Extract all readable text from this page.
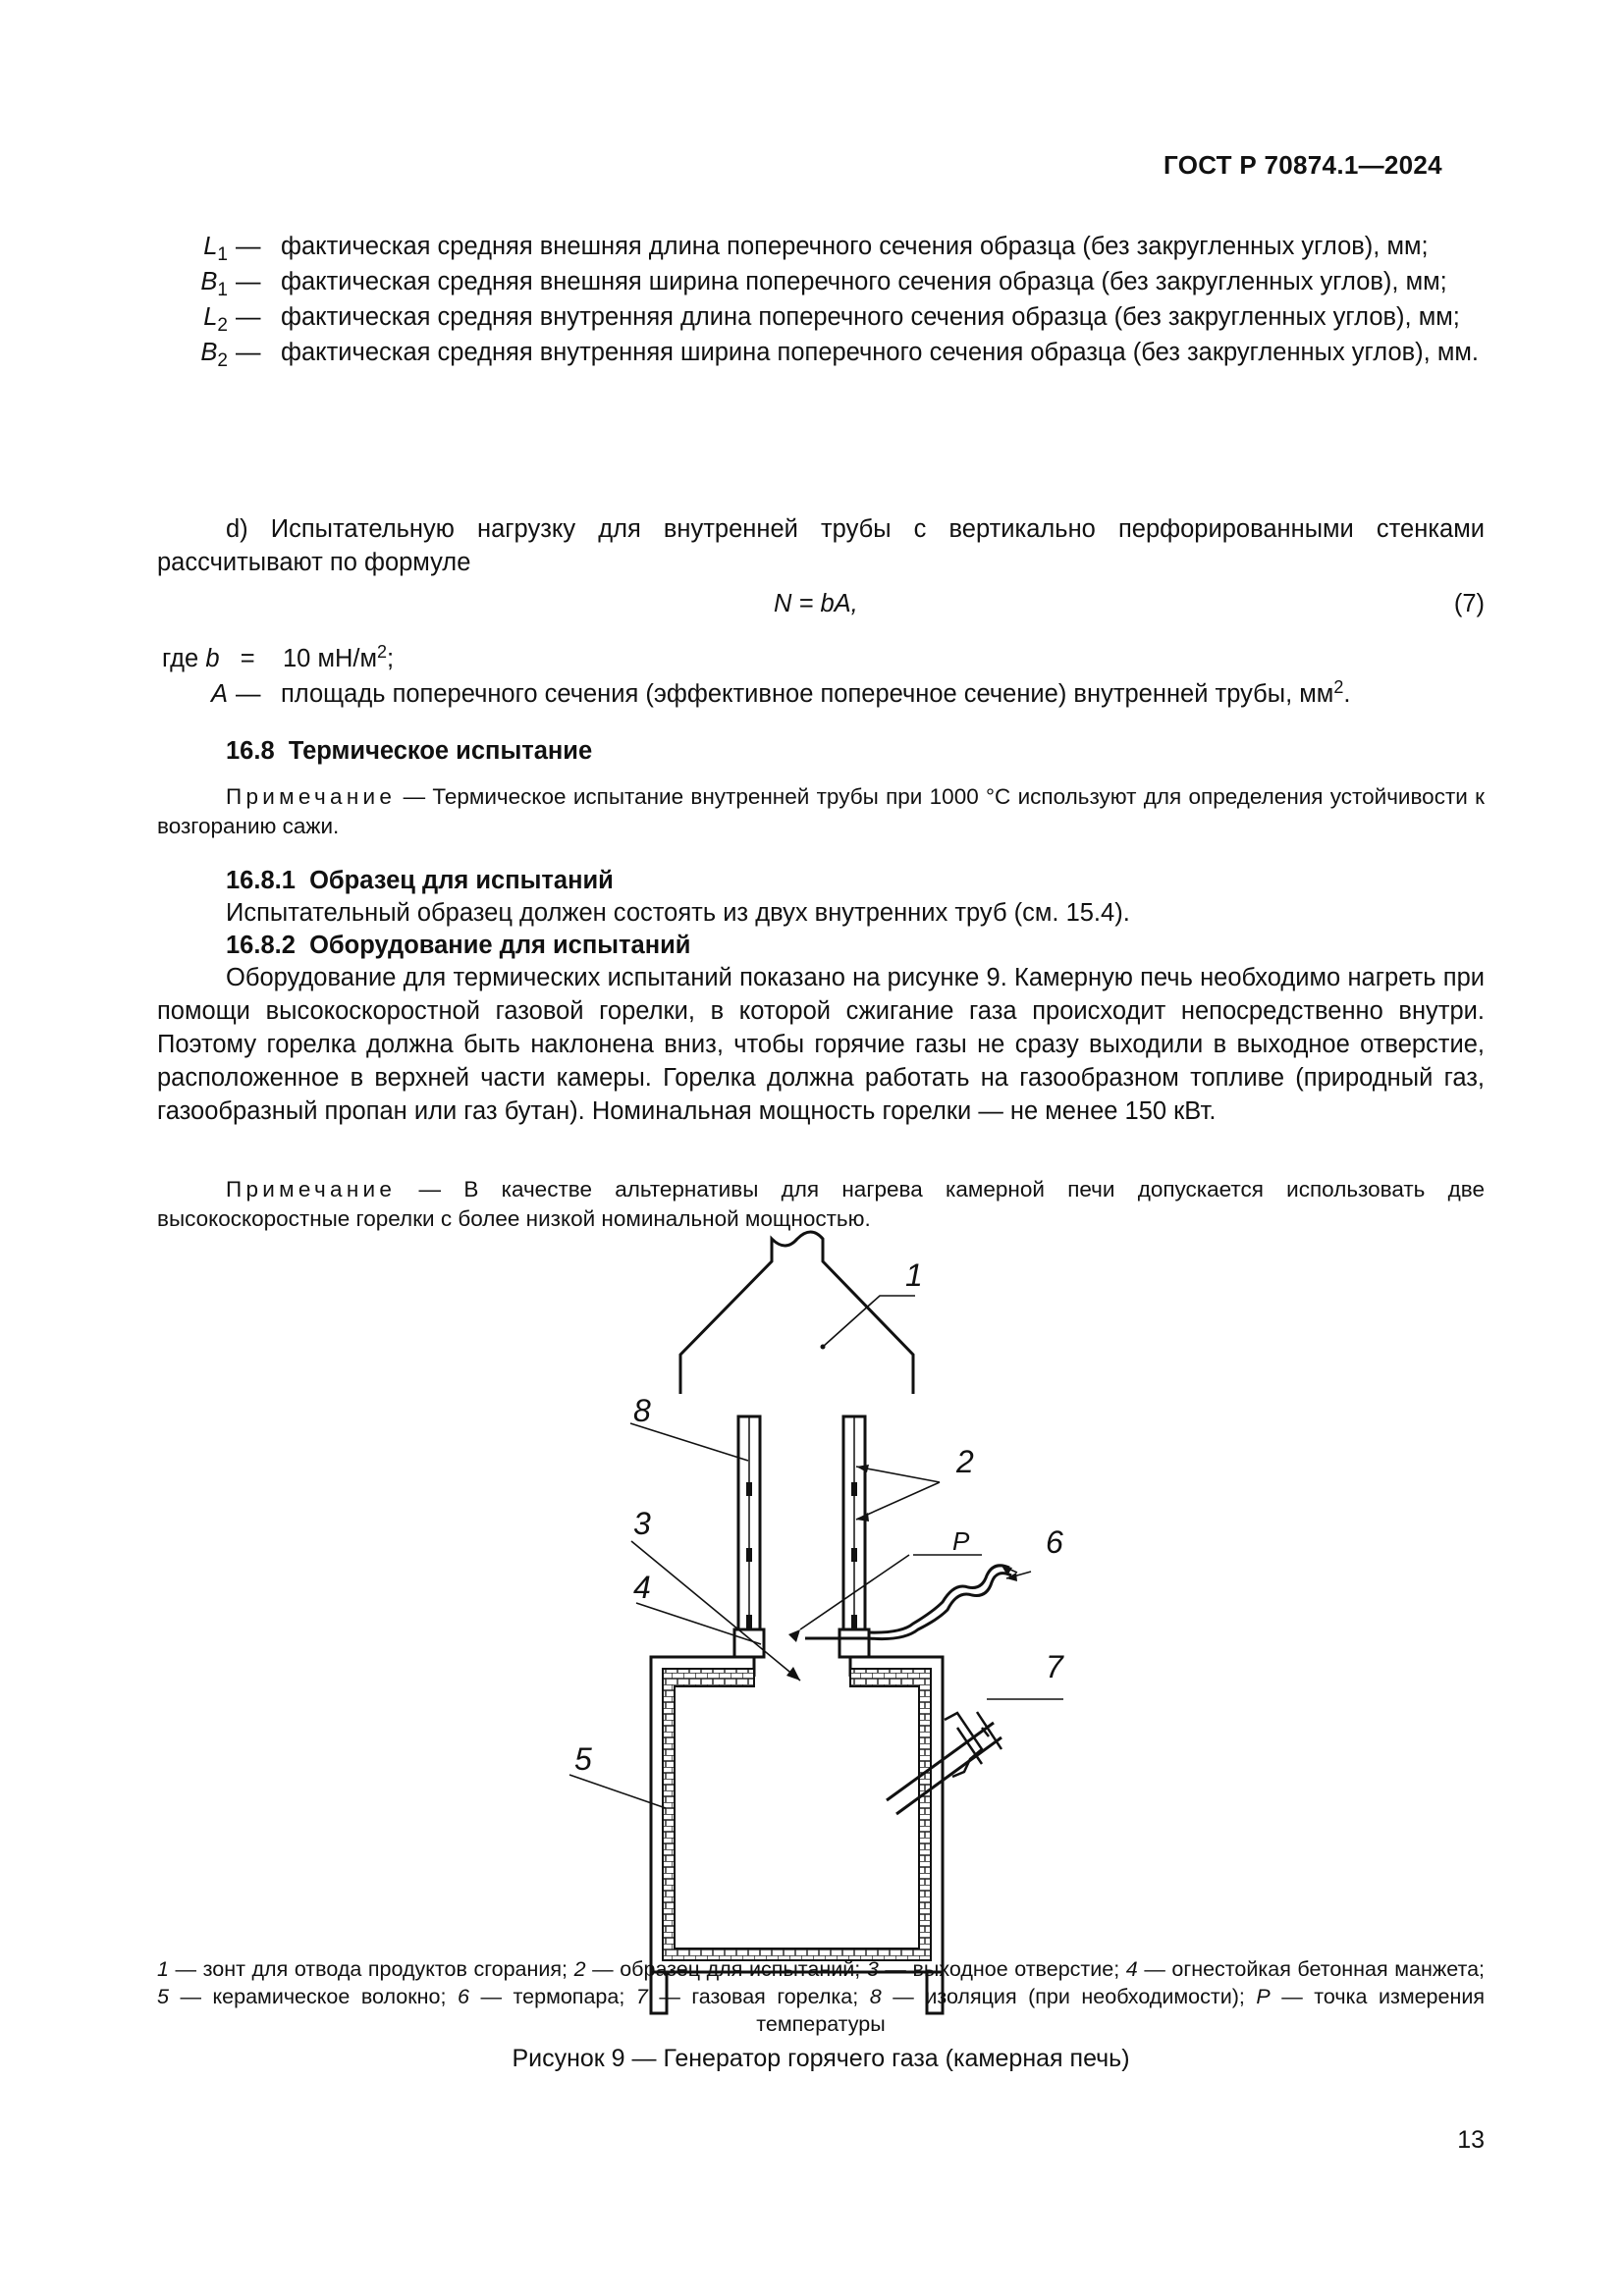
ГОСТ Р 70874.1—2024
$L_1$ — фактическая средняя внешняя длина поперечного сечения образца (без закругленных углов), мм;
$B_1$ — фактическая средняя внешняя ширина поперечного сечения образца (без закругленных углов), мм;
$L_2$ — фактическая средняя внутренняя длина поперечного сечения образца (без закругленных углов), мм;
$B_2$ — фактическая средняя внутренняя ширина поперечного сечения образца (без закругленных углов), мм.
d) Испытательную нагрузку для внутренней трубы с вертикально перфорированными стенками рассчитывают по формуле
N = bA,	(7)
где b = 10 $мН/м^2$;
A — площадь поперечного сечения (эффективное поперечное сечение) внутренней трубы, $мм^2$.
16.8 Термическое испытание
Примечание — Термическое испытание внутренней трубы при 1000 °С используют для определения устойчивости к возгоранию сажи.
16.8.1 Образец для испытаний
Испытательный образец должен состоять из двух внутренних труб (см. 15.4).
16.8.2 Оборудование для испытаний
Оборудование для термических испытаний показано на рисунке 9. Камерную печь необходимо нагреть при помощи высокоскоростной газовой горелки, в которой сжигание газа происходит непосредственно внутри. Поэтому горелка должна быть наклонена вниз, чтобы горячие газы не сразу выходили в выходное отверстие, расположенное в верхней части камеры. Горелка должна работать на газообразном топливе (природный газ, газообразный пропан или газ бутан). Номинальная мощность горелки — не менее 150 кВт.
Примечание — В качестве альтернативы для нагрева камерной печи допускается использовать две высокоскоростные горелки с более низкой номинальной мощностью.
1
2
3
4
5
6
7
8
P
1 — зонт для отвода продуктов сгорания; 2 — образец для испытаний; 3 — выходное отверстие; 4 — огнестойкая бетонная манжета; 5 — керамическое волокно; 6 — термопара; 7 — газовая горелка; 8 — изоляция (при необходимости); Р — точка измерения температуры
Рисунок 9 — Генератор горячего газа (камерная печь)
13
